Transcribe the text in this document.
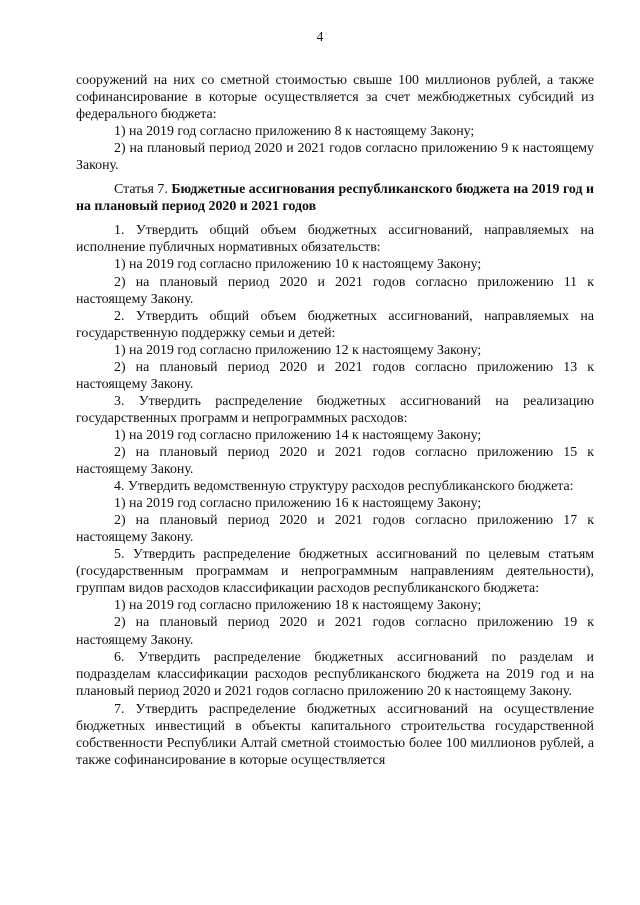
4

сооружений на них со сметной стоимостью свыше 100 миллионов рублей, а также софинансирование в которые осуществляется за счет межбюджетных субсидий из федерального бюджета:

1) на 2019 год согласно приложению 8 к настоящему Закону;

2) на плановый период 2020 и 2021 годов согласно приложению 9 к настоящему Закону.

Статья 7. Бюджетные ассигнования республиканского бюджета на 2019 год и на плановый период 2020 и 2021 годов

1. Утвердить общий объем бюджетных ассигнований, направляемых на исполнение публичных нормативных обязательств:

1) на 2019 год согласно приложению 10 к настоящему Закону;

2) на плановый период 2020 и 2021 годов согласно приложению 11 к настоящему Закону.

2. Утвердить общий объем бюджетных ассигнований, направляемых на государственную поддержку семьи и детей:

1) на 2019 год согласно приложению 12 к настоящему Закону;

2) на плановый период 2020 и 2021 годов согласно приложению 13 к настоящему Закону.

3. Утвердить распределение бюджетных ассигнований на реализацию государственных программ и непрограммных расходов:

1) на 2019 год согласно приложению 14 к настоящему Закону;

2) на плановый период 2020 и 2021 годов согласно приложению 15 к настоящему Закону.

4. Утвердить ведомственную структуру расходов республиканского бюджета:

1) на 2019 год согласно приложению 16 к настоящему Закону;

2) на плановый период 2020 и 2021 годов согласно приложению 17 к настоящему Закону.

5. Утвердить распределение бюджетных ассигнований по целевым статьям (государственным программам и непрограммным направлениям деятельности), группам видов расходов классификации расходов республиканского бюджета:

1) на 2019 год согласно приложению 18 к настоящему Закону;

2) на плановый период 2020 и 2021 годов согласно приложению 19 к настоящему Закону.

6. Утвердить распределение бюджетных ассигнований по разделам и подразделам классификации расходов республиканского бюджета на 2019 год и на плановый период 2020 и 2021 годов согласно приложению 20 к настоящему Закону.

7. Утвердить распределение бюджетных ассигнований на осуществление бюджетных инвестиций в объекты капитального строительства государственной собственности Республики Алтай сметной стоимостью более 100 миллионов рублей, а также софинансирование в которые осуществляется
